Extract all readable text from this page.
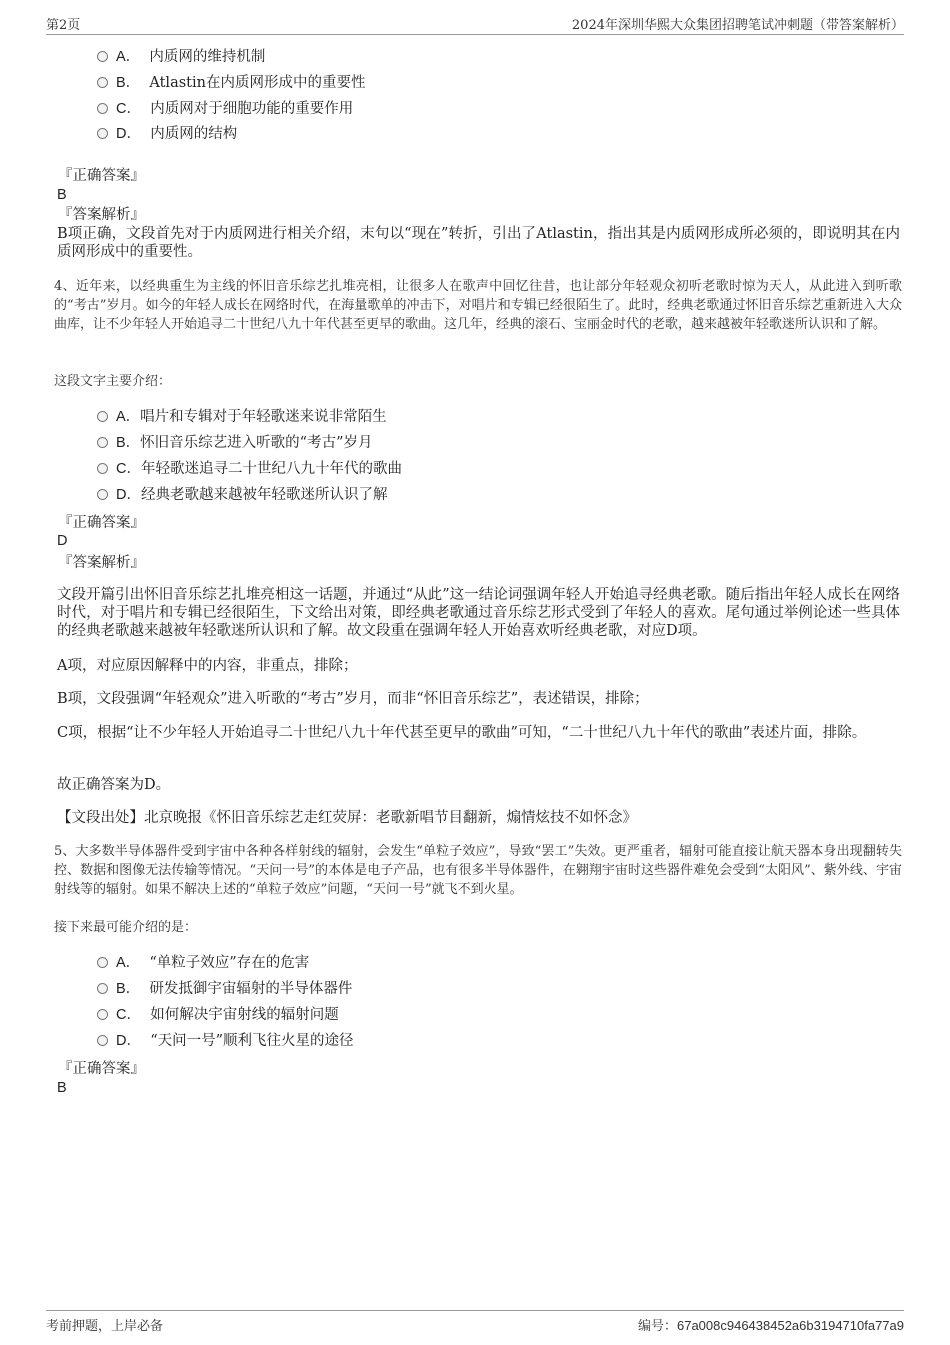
第2页	2024年深圳华熙大众集团招聘笔试冲刺题（带答案解析）
A． 内质网的维持机制
B． Atlastin在内质网形成中的重要性
C． 内质网对于细胞功能的重要作用
D． 内质网的结构
『正确答案』
B
『答案解析』
B项正确，文段首先对于内质网进行相关介绍，末句以“现在”转折，引出了Atlastin，指出其是内质网形成所必须的，即说明其在内质网形成中的重要性。
4、近年来，以经典重生为主线的怀旧音乐综艺扎堆亮相，让很多人在歌声中回忆往昔，也让部分年轻观众初听老歌时惊为天人，从此进入到听歌的“考古”岁月。如今的年轻人成长在网络时代，在海量歌单的冲击下，对唱片和专辑已经很陌生了。此时，经典老歌通过怀旧音乐综艺重新进入大众曲库，让不少年轻人开始追寻二十世纪八九十年代甚至更早的歌曲。这几年，经典的滚石、宝丽金时代的老歌，越来越被年轻歌迷所认识和了解。
这段文字主要介绍：
A．唱片和专辑对于年轻歌迷来说非常陌生
B．怀旧音乐综艺进入听歌的“考古”岁月
C．年轻歌迷追寻二十世纪八九十年代的歌曲
D．经典老歌越来越被年轻歌迷所认识了解
『正确答案』
D
『答案解析』
文段开篇引出怀旧音乐综艺扎堆亮相这一话题，并通过“从此”这一结论词强调年轻人开始追寻经典老歌。随后指出年轻人成长在网络时代，对于唱片和专辑已经很陌生，下文给出对策，即经典老歌通过音乐综艺形式受到了年轻人的喜欢。尾句通过举例论述一些具体的经典老歌越来越被年轻歌迷所认识和了解。故文段重在强调年轻人开始喜欢听经典老歌，对应D项。
A项，对应原因解释中的内容，非重点，排除；
B项，文段强调“年轻观众”进入听歌的“考古”岁月，而非“怀旧音乐综艺”，表述错误，排除；
C项，根据“让不少年轻人开始追寻二十世纪八九十年代甚至更早的歌曲”可知，“二十世纪八九十年代的歌曲”表述片面，排除。
故正确答案为D。
【文段出处】北京晚报《怀旧音乐综艺走红荧屏：老歌新唱节目翻新，煽情炫技不如怀念》
5、大多数半导体器件受到宇宙中各种各样射线的辐射，会发生“单粒子效应”，导致“罢工”失效。更严重者，辐射可能直接让航天器本身出现翻转失控、数据和图像无法传输等情况。“天问一号”的本体是电子产品，也有很多半导体器件，在翱翔宇宙时这些器件难免会受到“太阳风”、紫外线、宇宙射线等的辐射。如果不解决上述的“单粒子效应”问题，“天问一号”就飞不到火星。
接下来最可能介绍的是：
A． “单粒子效应”存在的危害
B． 研发抵御宇宙辐射的半导体器件
C． 如何解决宇宙射线的辐射问题
D． “天问一号”顺利飞往火星的途径
『正确答案』
B
考前押题，上岸必备	编号：67a008c946438452a6b3194710fa77a9
